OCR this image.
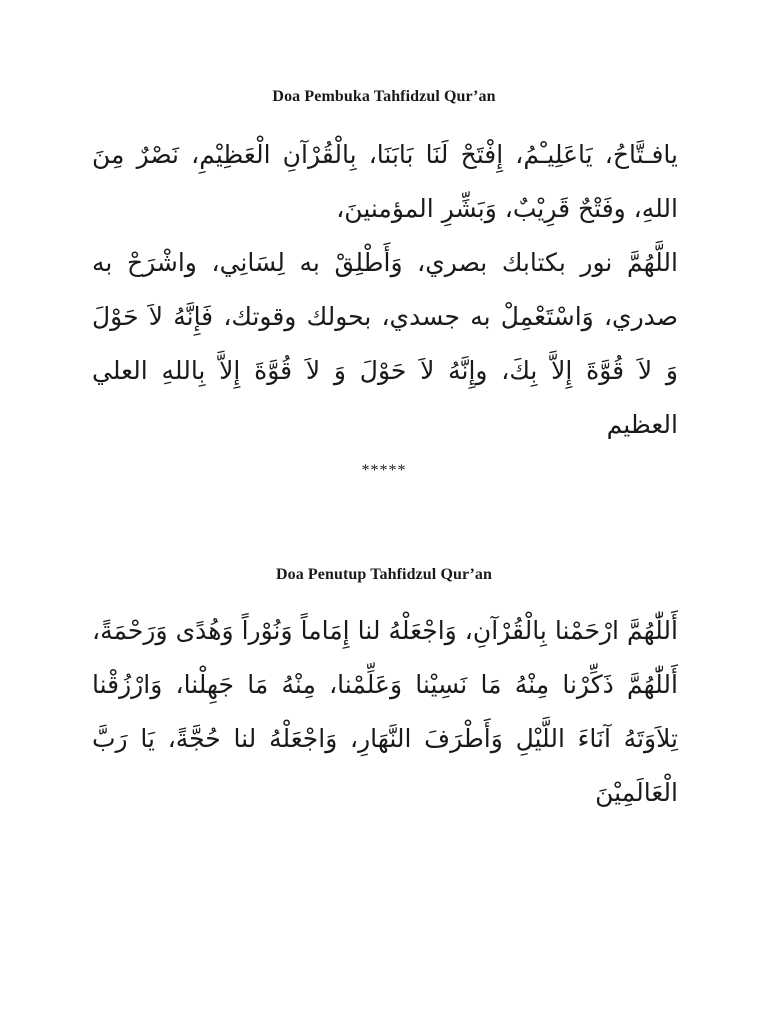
Doa Pembuka Tahfidzul Qur’an

يافـتَّاحُ، يَاعَلِيـْمُ، إِفْتَحْ لَنَا بَابَنَا، بِالْقُرْآنِ الْعَظِيْمِ، نَصْرٌ مِنَ اللهِ، وفَتْحٌ قَرِيْبٌ، وَبَشِّرِ المؤمنينَ،

اللَّهُمَّ نور بكتابك بصري، وَأَطْلِقْ به لِسَانِي، واشْرَحْ به صدري، وَاسْتَعْمِلْ به جسدي، بحولك وقوتك، فَإِنَّهُ لاَ حَوْلَ وَ لاَ قُوَّةَ إِلاَّ بِكَ، وإِنَّهُ لاَ حَوْلَ وَ لاَ قُوَّةَ إِلاَّ بِاللهِ العلي العظيم

*****
Doa Penutup Tahfidzul Qur’an

أَللّٰهُمَّ ارْحَمْنا بِالْقُرْآنِ، وَاجْعَلْهُ لنا إِمَاماً وَنُوْراً وَهُدًى وَرَحْمَةً، أَللّٰهُمَّ ذَكِّرْنا مِنْهُ مَا نَسِيْنا وَعَلِّمْنا، مِنْهُ مَا جَهِلْنا، وَارْزُقْنا تِلاَوَتَهُ آنَاءَ اللَّيْلِ وَأَطْرَفَ النَّهَارِ، وَاجْعَلْهُ لنا حُجَّةً، يَا رَبَّ الْعَالَمِيْنَ
